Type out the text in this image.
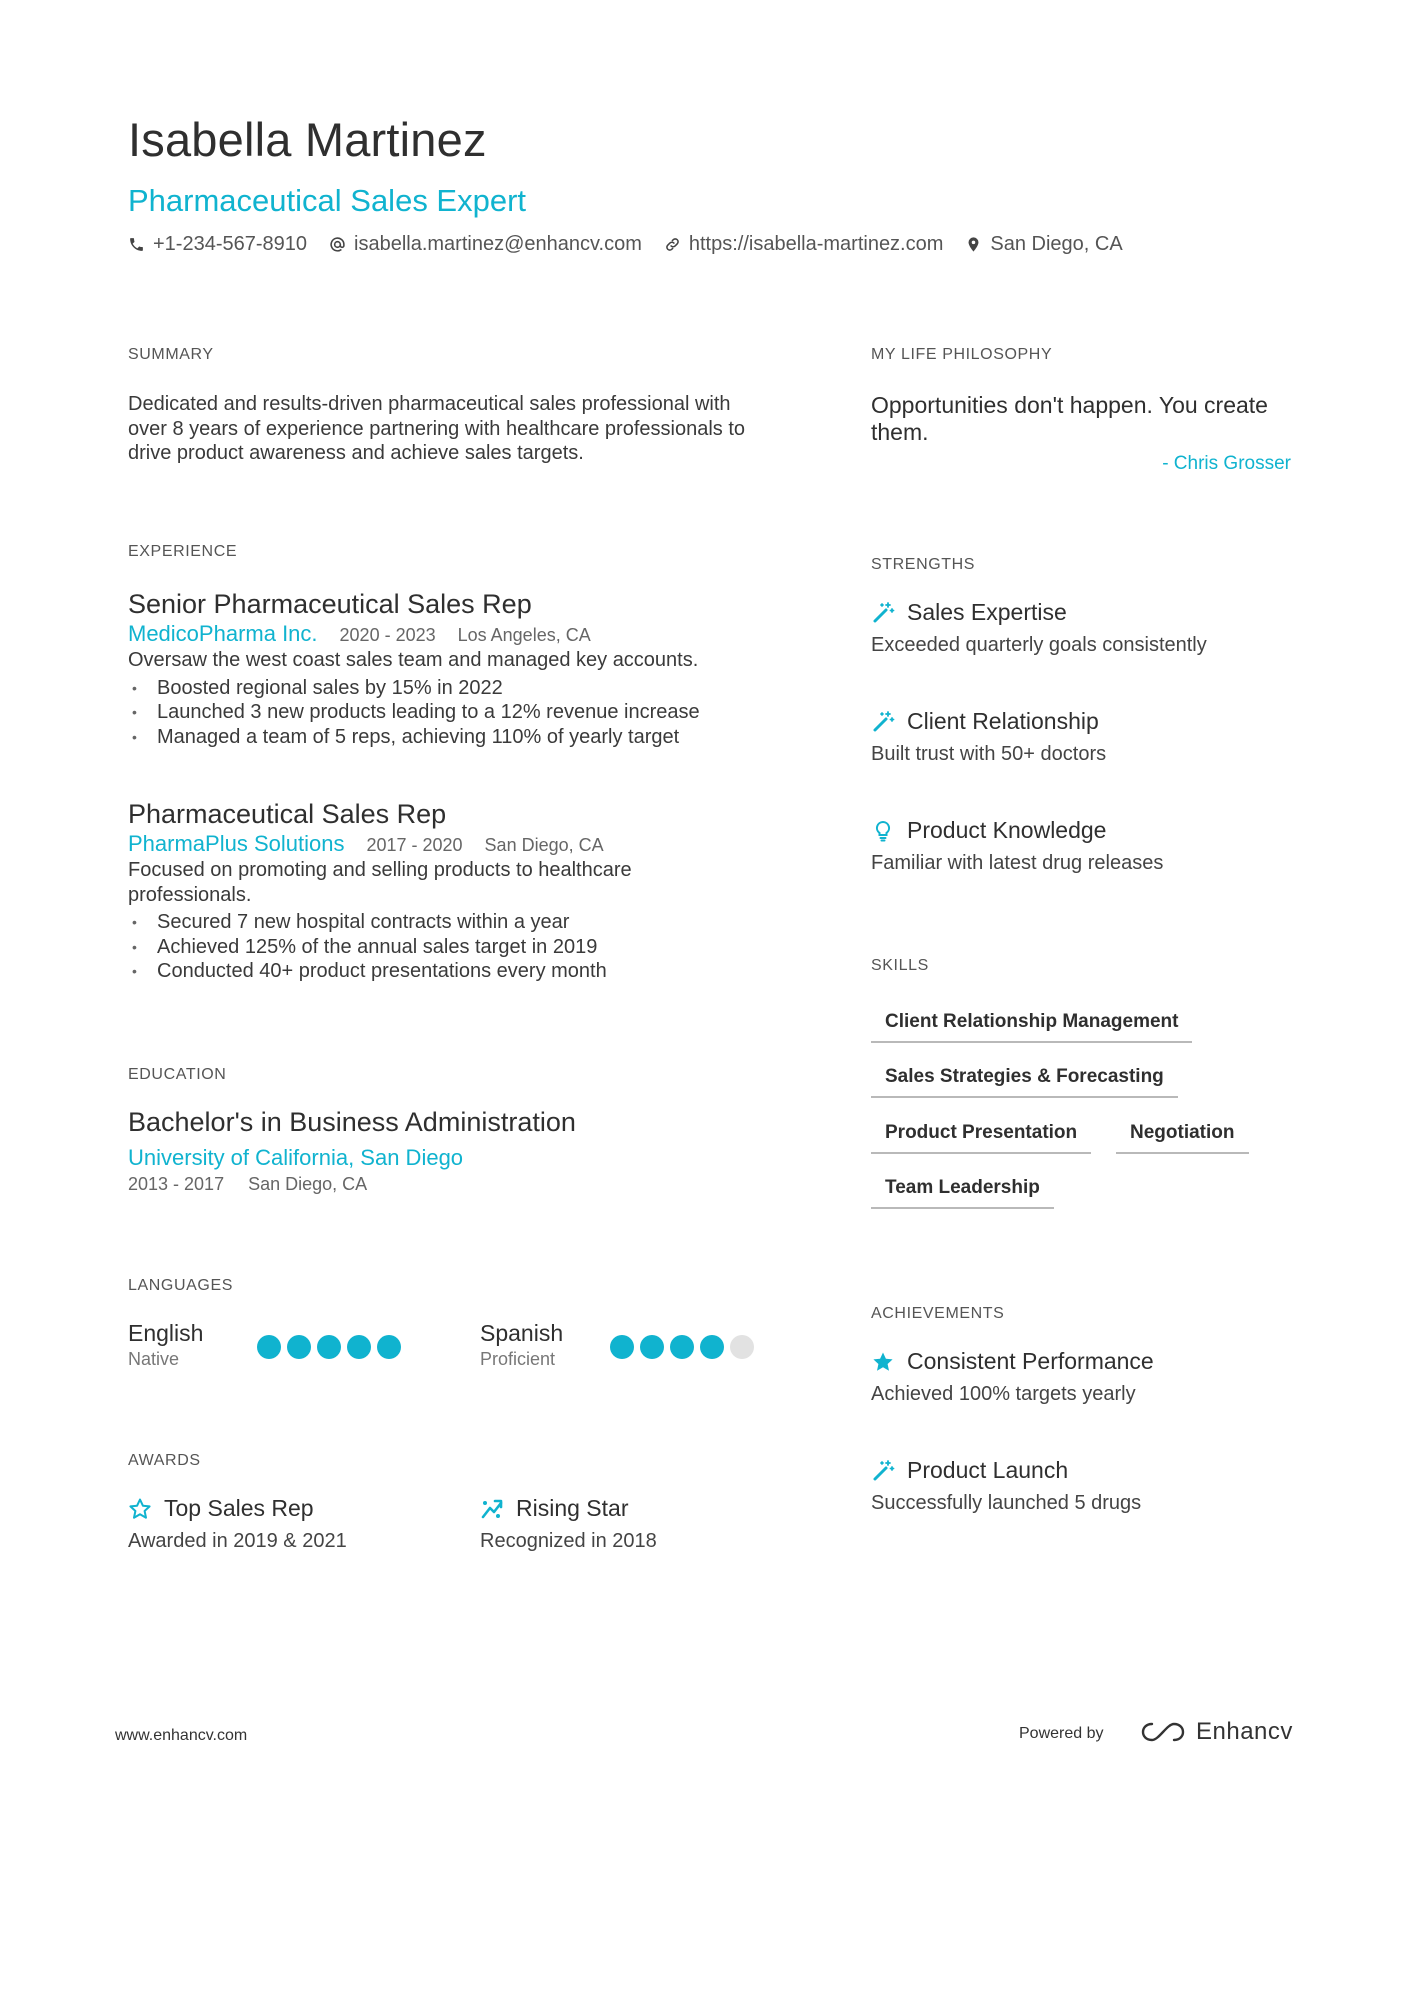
Isabella Martinez
Pharmaceutical Sales Expert
+1-234-567-8910 isabella.martinez@enhancv.com https://isabella-martinez.com San Diego, CA
SUMMARY
Dedicated and results-driven pharmaceutical sales professional with over 8 years of experience partnering with healthcare professionals to drive product awareness and achieve sales targets.
EXPERIENCE
Senior Pharmaceutical Sales Rep
MedicoPharma Inc. 2020 - 2023 Los Angeles, CA
Oversaw the west coast sales team and managed key accounts.
• Boosted regional sales by 15% in 2022
• Launched 3 new products leading to a 12% revenue increase
• Managed a team of 5 reps, achieving 110% of yearly target
Pharmaceutical Sales Rep
PharmaPlus Solutions 2017 - 2020 San Diego, CA
Focused on promoting and selling products to healthcare professionals.
• Secured 7 new hospital contracts within a year
• Achieved 125% of the annual sales target in 2019
• Conducted 40+ product presentations every month
EDUCATION
Bachelor's in Business Administration
University of California, San Diego
2013 - 2017 San Diego, CA
LANGUAGES
English
Native
Spanish
Proficient
AWARDS
Top Sales Rep
Awarded in 2019 & 2021
Rising Star
Recognized in 2018
MY LIFE PHILOSOPHY
Opportunities don't happen. You create them.
- Chris Grosser
STRENGTHS
Sales Expertise
Exceeded quarterly goals consistently
Client Relationship
Built trust with 50+ doctors
Product Knowledge
Familiar with latest drug releases
SKILLS
Client Relationship Management
Sales Strategies & Forecasting
Product Presentation	Negotiation
Team Leadership
ACHIEVEMENTS
Consistent Performance
Achieved 100% targets yearly
Product Launch
Successfully launched 5 drugs
www.enhancv.com	Powered by	Enhancv
